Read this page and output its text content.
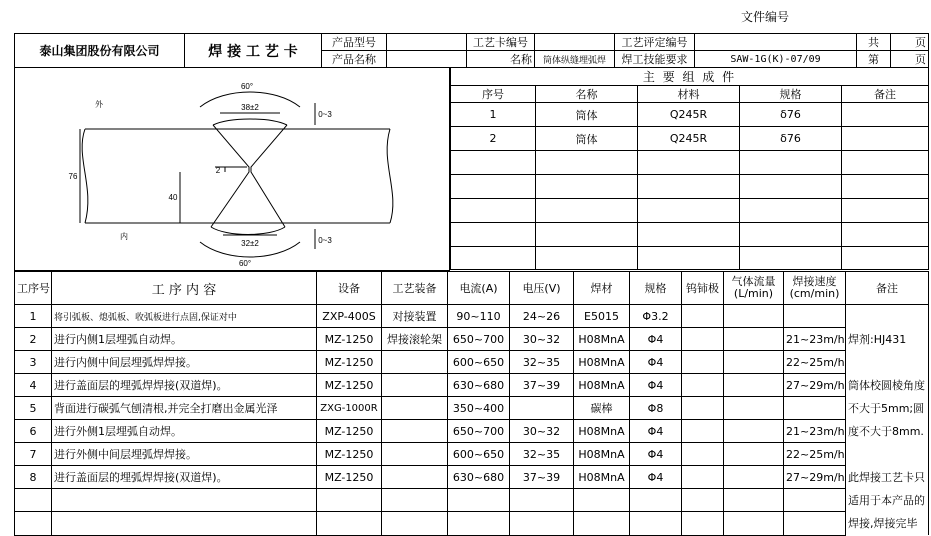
文件编号
泰山集团股份有限公司	焊 接 工 艺 卡	产品型号		工艺卡编号		工艺评定编号		共	页
		产品名称		名称	筒体纵缝埋弧焊	焊工技能要求	SAW-1G(K)-07/09	第	页
60°
38±2
60°
32±2
76
40
2
0~3
0~3
外
内
主 要 组 成 件				
序号	名称	材料	规格	备注
1	筒体	Q245R	δ76	
2	筒体	Q245R	δ76	

工序号	工 序 内 容	设备	工艺装备	电流(A)	电压(V)	焊材	规格	钨铈极	气体流量(L/min)	焊接速度(cm/min)	备注
1	将引弧板、熄弧板、收弧板进行点固,保证对中	ZXP-400S	对接装置	90~110	24~26	E5015	Φ3.2				焊剂:HJ431
筒体校圆棱角度不大于5mm;圆度不大于8mm.
此焊接工艺卡只适用于本产品的焊接,焊接完毕

2	进行内侧1层埋弧自动焊。	MZ-1250	焊接滚轮架	650~700	30~32	H08MnA	Φ4			21~23m/h	
3	进行内侧中间层埋弧焊焊接。	MZ-1250		600~650	32~35	H08MnA	Φ4			22~25m/h	
4	进行盖面层的埋弧焊焊接(双道焊)。	MZ-1250		630~680	37~39	H08MnA	Φ4			27~29m/h	
5	背面进行碳弧气刨清根,并完全打磨出金属光泽	ZXG-1000R		350~400		碳棒	Φ8				
6	进行外侧1层埋弧自动焊。	MZ-1250		650~700	30~32	H08MnA	Φ4			21~23m/h	
7	进行外侧中间层埋弧焊焊接。	MZ-1250		600~650	32~35	H08MnA	Φ4			22~25m/h	
8	进行盖面层的埋弧焊焊接(双道焊)。	MZ-1250		630~680	37~39	H08MnA	Φ4			27~29m/h	
